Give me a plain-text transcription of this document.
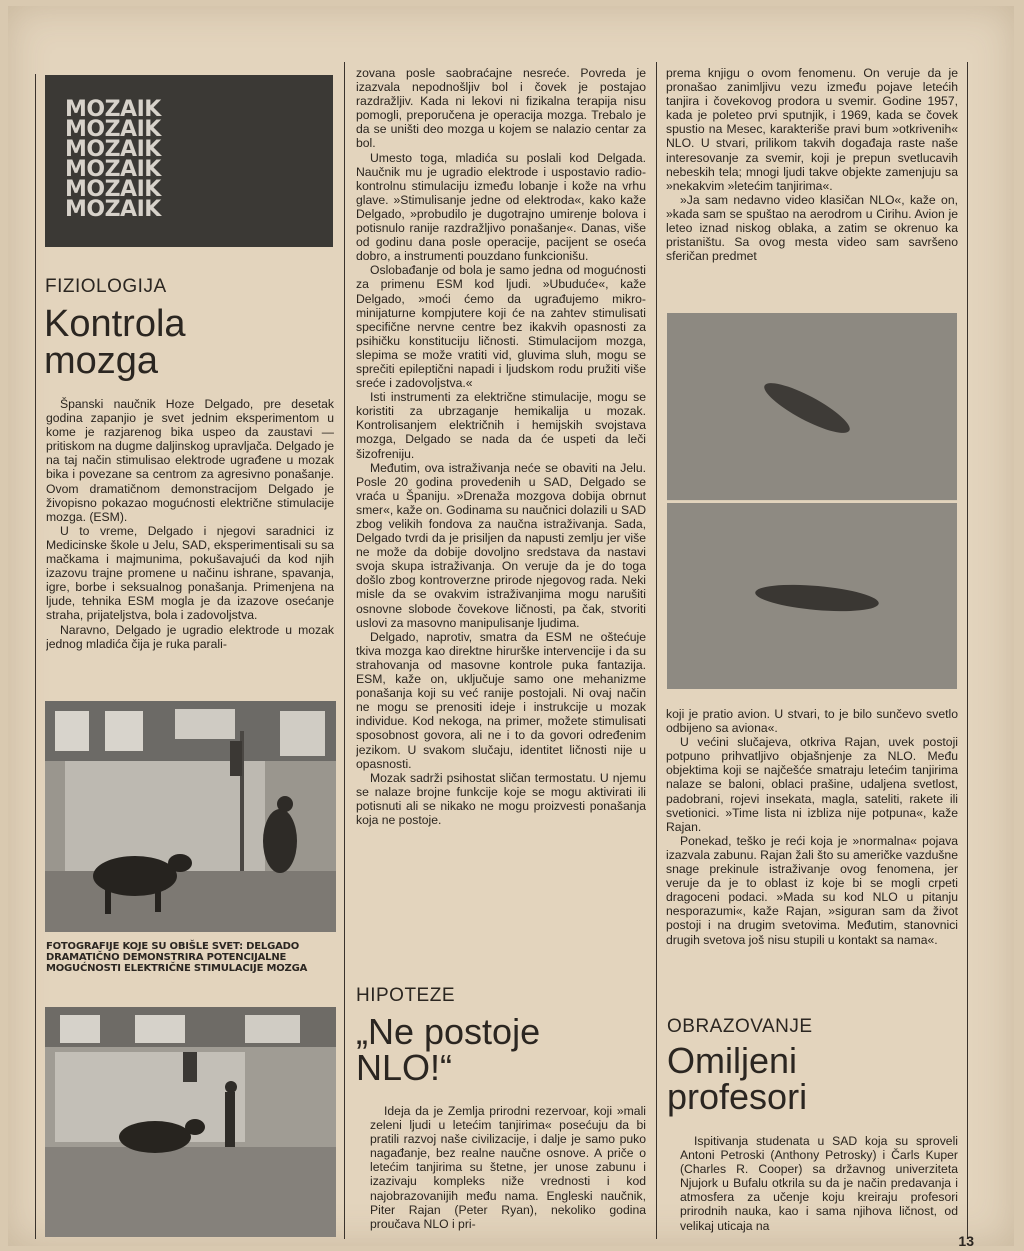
MOZAIK
MOZAIK
MOZAIK
MOZAIK
MOZAIK
MOZAIK
FIZIOLOGIJA
Kontrola
mozga

Španski naučnik Hoze Delgado, pre desetak godina zapanjio je svet jednim eksperimentom u kome je razjarenog bika uspeo da zaustavi — pritiskom na dugme daljinskog upravljača. Delgado je na taj način stimulisao elektrode ugrađene u mozak bika i povezane sa centrom za agresivno ponašanje. Ovom dramatičnom demonstracijom Delgado je živopisno pokazao mogućnosti električne stimulacije mozga. (ESM).

U to vreme, Delgado i njegovi saradnici iz Medicinske škole u Jelu, SAD, eksperimentisali su sa mačkama i majmunima, pokušavajući da kod njih izazovu trajne promene u načinu ishrane, spavanja, igre, borbe i seksualnog ponašanja. Primenjena na ljude, tehnika ESM mogla je da izazove osećanje straha, prijateljstva, bola i zadovoljstva.

Naravno, Delgado je ugradio elektrode u mozak jednog mladića čija je ruka parali-

FOTOGRAFIJE KOJE SU OBIŠLE SVET: DELGADO DRAMATIČNO DEMONSTRIRA POTENCIJALNE MOGUĆNOSTI ELEKTRIČNE STIMULACIJE MOZGA

zovana posle saobraćajne nesreće. Povreda je izazvala nepodnošljiv bol i čovek je postajao razdražljiv. Kada ni lekovi ni fizikalna terapija nisu pomogli, preporučena je operacija mozga. Trebalo je da se uništi deo mozga u kojem se nalazio centar za bol.

Umesto toga, mladića su poslali kod Delgada. Naučnik mu je ugradio elektrode i uspostavio radio-kontrolnu stimulaciju između lobanje i kože na vrhu glave. »Stimulisanje jedne od elektroda«, kako kaže Delgado, »probudilo je dugotrajno umirenje bolova i potisnulo ranije razdražljivo ponašanje«. Danas, više od godinu dana posle operacije, pacijent se oseća dobro, a instrumenti pouzdano funkcionišu.

Oslobađanje od bola je samo jedna od mogućnosti za primenu ESM kod ljudi. »Ubuduće«, kaže Delgado, »moći ćemo da ugrađujemo mikro-minijaturne kompjutere koji će na zahtev stimulisati specifične nervne centre bez ikakvih opasnosti za psihičku konstituciju ličnosti. Stimulacijom mozga, slepima se može vratiti vid, gluvima sluh, mogu se sprečiti epileptični napadi i ljudskom rodu pružiti više sreće i zadovoljstva.«

Isti instrumenti za električne stimulacije, mogu se koristiti za ubrzaganje hemikalija u mozak. Kontrolisanjem električnih i hemijskih svojstava mozga, Delgado se nada da će uspeti da leči šizofreniju.

Međutim, ova istraživanja neće se obaviti na Jelu. Posle 20 godina provedenih u SAD, Delgado se vraća u Španiju. »Drenaža mozgova dobija obrnut smer«, kaže on. Godinama su naučnici dolazili u SAD zbog velikih fondova za naučna istraživanja. Sada, Delgado tvrdi da je prisiljen da napusti zemlju jer više ne može da dobije dovoljno sredstava da nastavi svoja skupa istraživanja. On veruje da je do toga došlo zbog kontroverzne prirode njegovog rada. Neki misle da se ovakvim istraživanjima mogu narušiti osnovne slobode čovekove ličnosti, pa čak, stvoriti uslovi za masovno manipulisanje ljudima.

Delgado, naprotiv, smatra da ESM ne oštećuje tkiva mozga kao direktne hirurške intervencije i da su strahovanja od masovne kontrole puka fantazija. ESM, kaže on, uključuje samo one mehanizme ponašanja koji su već ranije postojali. Ni ovaj način ne mogu se prenositi ideje i instrukcije u mozak individue. Kod nekoga, na primer, možete stimulisati sposobnost govora, ali ne i to da govori određenim jezikom. U svakom slučaju, identitet ličnosti nije u opasnosti.

Mozak sadrži psihostat sličan termostatu. U njemu se nalaze brojne funkcije koje se mogu aktivirati ili potisnuti ali se nikako ne mogu proizvesti ponašanja koja ne postoje.

HIPOTEZE
„Ne postoje
NLO!“

Ideja da je Zemlja prirodni rezervoar, koji »mali zeleni ljudi u letećim tanjirima« posećuju da bi pratili razvoj naše civilizacije, i dalje je samo puko nagađanje, bez realne naučne osnove. A priče o letećim tanjirima su štetne, jer unose zabunu i izazivaju kompleks niže vrednosti i kod najobrazovanijih među nama. Engleski naučnik, Piter Rajan (Peter Ryan), nekoliko godina proučava NLO i pri-

prema knjigu o ovom fenomenu. On veruje da je pronašao zanimljivu vezu između pojave letećih tanjira i čovekovog prodora u svemir. Godine 1957, kada je poleteo prvi sputnjik, i 1969, kada se čovek spustio na Mesec, karakteriše pravi bum »otkrivenih« NLO. U stvari, prilikom takvih događaja raste naše interesovanje za svemir, koji je prepun svetlucavih nebeskih tela; mnogi ljudi takve objekte zamenjuju sa »nekakvim »letećim tanjirima«.

»Ja sam nedavno video klasičan NLO«, kaže on, »kada sam se spuštao na aerodrom u Cirihu. Avion je leteo iznad niskog oblaka, a zatim se okrenuo ka pristaništu. Sa ovog mesta video sam savršeno sferičan predmet

koji je pratio avion. U stvari, to je bilo sunčevo svetlo odbijeno sa aviona«.

U većini slučajeva, otkriva Rajan, uvek postoji potpuno prihvatljivo objašnjenje za NLO. Među objektima koji se najčešće smatraju letećim tanjirima nalaze se baloni, oblaci prašine, udaljena svetlost, padobrani, rojevi insekata, magla, sateliti, rakete ili svetionici. »Time lista ni izbliza nije potpuna«, kaže Rajan.

Ponekad, teško je reći koja je »normalna« pojava izazvala zabunu. Rajan žali što su američke vazdušne snage prekinule istraživanje ovog fenomena, jer veruje da je to oblast iz koje bi se mogli crpeti dragoceni podaci. »Mada su kod NLO u pitanju nesporazumi«, kaže Rajan, »siguran sam da život postoji i na drugim svetovima. Međutim, stanovnici drugih svetova još nisu stupili u kontakt sa nama«.

OBRAZOVANJE
Omiljeni
profesori

Ispitivanja studenata u SAD koja su sproveli Antoni Petroski (Anthony Petrosky) i Čarls Kuper (Charles R. Cooper) sa državnog univerziteta Njujork u Bufalu otkrila su da je način predavanja i atmosfera za učenje koju kreiraju profesori prirodnih nauka, kao i samа njihova ličnost, od velikaj uticaja na

13
